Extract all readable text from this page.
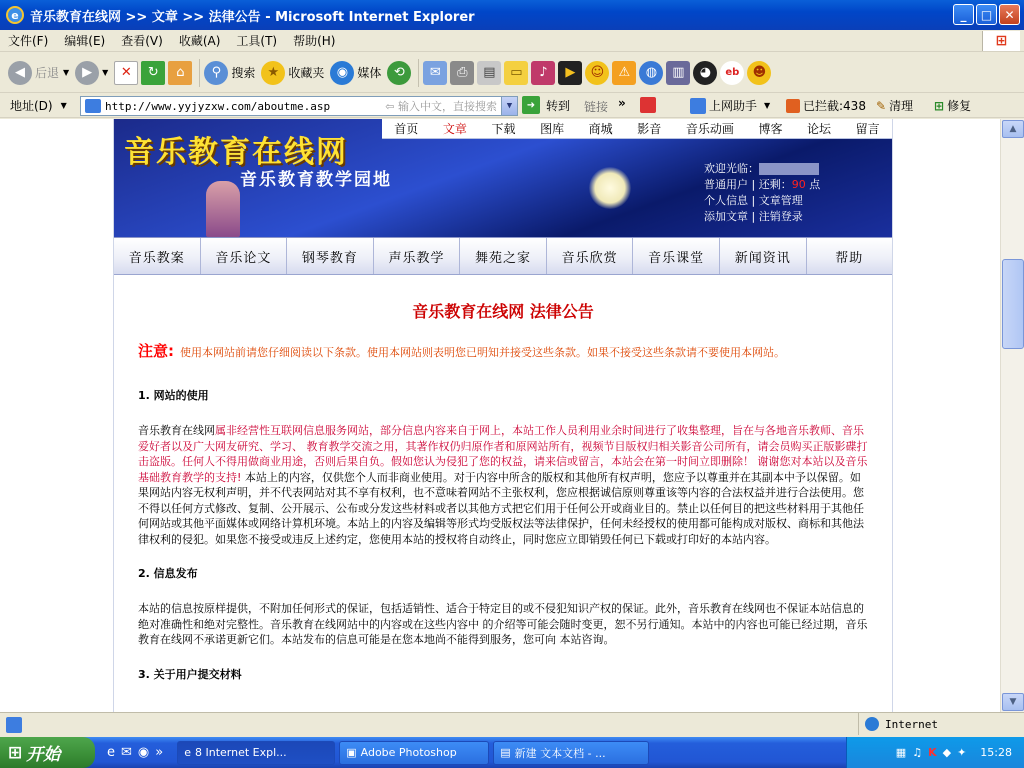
e 音乐教育在线网 >> 文章 >> 法律公告 - Microsoft Internet Explorer	_	□	✕
文件(F)	编辑(E)	查看(V)	收藏(A)	工具(T)	帮助(H)	⊞
◀ 后退 ▼	▶	▼ ✕	↻	⌂	⚲ 搜索 ★ 收藏夹 ◉ 媒体 ⟲	✉	⎙	▤	▭	♪	▶	☺	⚠	◍	▥	◕	eb	☻
地址(D) ▼	http://www.yyjyzxw.com/aboutme.asp	⇦ 输入中文，直接搜索	▼	➜ 转到 链接 »	上网助手 ▼	已拦截:438 ✎ 清理 ⊞ 修复
音乐教育在线网
音乐教育教学园地
首页 文章 下载 图库 商城 影音 音乐动画 博客 论坛 留言
欢迎光临：
普通用户 | 还剩：90 点
个人信息 | 文章管理
添加文章 | 注销登录
音乐教案	音乐论文	钢琴教育	声乐教学	舞苑之家	音乐欣赏	音乐课堂	新闻资讯	帮助
音乐教育在线网 法律公告
注意: 使用本网站前请您仔细阅读以下条款。使用本网站则表明您已明知并接受这些条款。如果不接受这些条款请不要使用本网站。
1. 网站的使用

音乐教育在线网属非经营性互联网信息服务网站，部分信息内容来自于网上，本站工作人员利用业余时间进行了收集整理，旨在与各地音乐教师、音乐爱好者以及广大网友研究、学习、 教育教学交流之用，其著作权仍归原作者和原网站所有，视频节目版权归相关影音公司所有，请会员购买正版影碟打击盗版。任何人不得用做商业用途，否则后果自负。假如您认为侵犯了您的权益，请来信或留言，本站会在第一时间立即删除！ 谢谢您对本站以及音乐基础教育教学的支持! 本站上的内容，仅供您个人而非商业使用。对于内容中所含的版权和其他所有权声明，您应予以尊重并在其副本中予以保留。如果网站内容无权利声明，并不代表网站对其不享有权利，也不意味着网站不主张权利，您应根据诚信原则尊重该等内容的合法权益并进行合法使用。您不得以任何方式修改、复制、公开展示、公布或分发这些材料或者以其他方式把它们用于任何公开或商业目的。禁止以任何目的把这些材料用于其他任何网站或其他平面媒体或网络计算机环境。本站上的内容及编辑等形式均受版权法等法律保护，任何未经授权的使用都可能构成对版权、商标和其他法律权利的侵犯。如果您不接受或违反上述约定，您使用本站的授权将自动终止，同时您应立即销毁任何已下载或打印好的本站内容。

2. 信息发布

本站的信息按原样提供，不附加任何形式的保证，包括适销性、适合于特定目的或不侵犯知识产权的保证。此外，音乐教育在线网也不保证本站信息的绝对准确性和绝对完整性。音乐教育在线网站中的内容或在这些内容中 的介绍等可能会随时变更，恕不另行通知。本站中的内容也可能已经过期，音乐教育在线网不承诺更新它们。本站发布的信息可能是在您本地尚不能得到服务，您可向 本站咨询。

3. 关于用户提交材料
▲
▼
Internet
⊞ 开始	e ✉ ◉ » e 8 Internet Expl...	▣ Adobe Photoshop	▤ 新建 文本文档 - ...	▦ ♫ K ◆ ✦ 15:28
